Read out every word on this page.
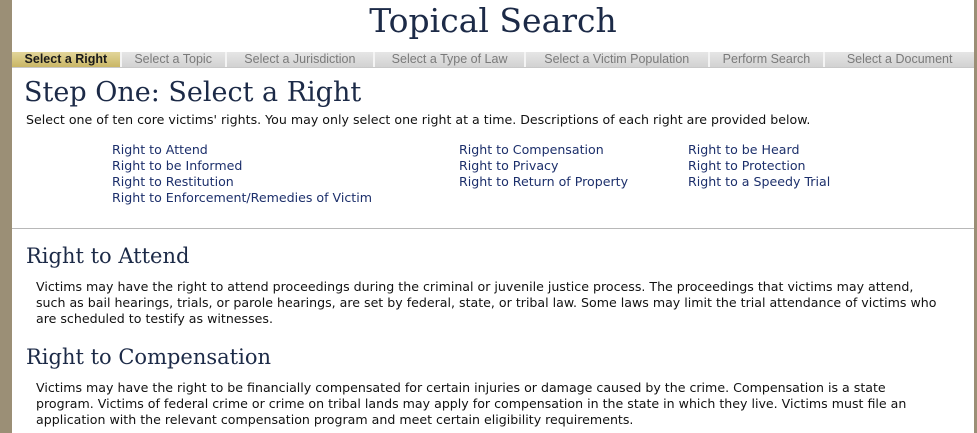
Topical Search
Select a Right	Select a Topic	Select a Jurisdiction	Select a Type of Law	Select a Victim Population	Perform Search	Select a Document
Step One: Select a Right
Select one of ten core victims' rights. You may only select one right at a time. Descriptions of each right are provided below.
Right to Attend
Right to be Informed
Right to Restitution
Right to Enforcement/Remedies of Victim
Right to Compensation
Right to Privacy
Right to Return of Property
Right to be Heard
Right to Protection
Right to a Speedy Trial
Right to Attend

Victims may have the right to attend proceedings during the criminal or juvenile justice process. The proceedings that victims may attend,
such as bail hearings, trials, or parole hearings, are set by federal, state, or tribal law. Some laws may limit the trial attendance of victims who
are scheduled to testify as witnesses.

Right to Compensation

Victims may have the right to be financially compensated for certain injuries or damage caused by the crime. Compensation is a state
program. Victims of federal crime or crime on tribal lands may apply for compensation in the state in which they live. Victims must file an
application with the relevant compensation program and meet certain eligibility requirements.
